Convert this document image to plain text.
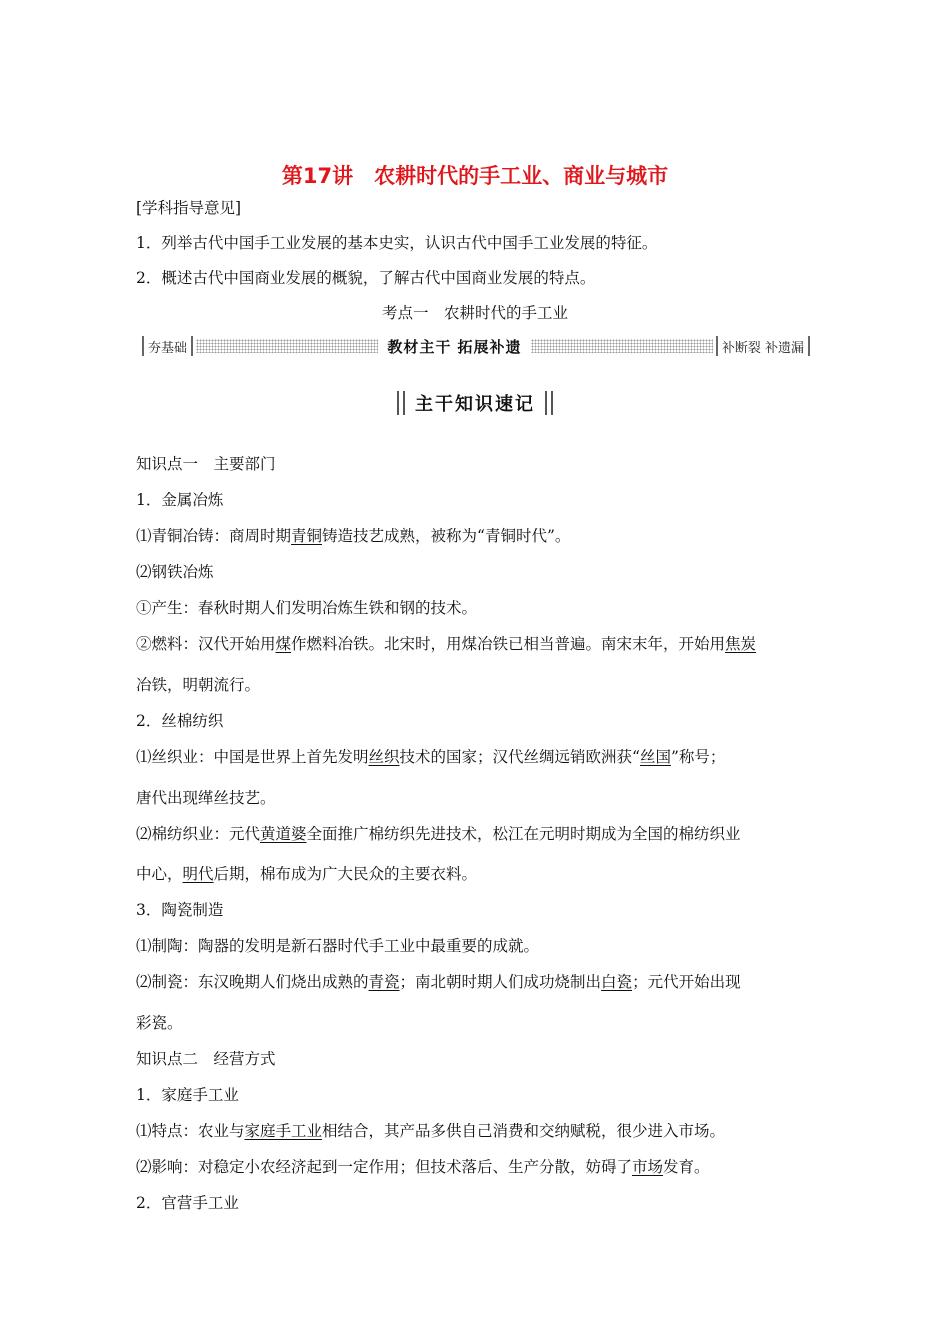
第17讲　农耕时代的手工业、商业与城市
[学科指导意见]
1．列举古代中国手工业发展的基本史实，认识古代中国手工业发展的特征。
2．概述古代中国商业发展的概貌，了解古代中国商业发展的特点。
考点一　农耕时代的手工业
夯基础	教材主干 拓展补遗	补断裂 补遗漏
主干知识速记
知识点一　主要部门
1．金属冶炼
⑴青铜冶铸：商周时期青铜铸造技艺成熟，被称为“青铜时代”。
⑵钢铁冶炼
①产生：春秋时期人们发明冶炼生铁和钢的技术。
②燃料：汉代开始用煤作燃料冶铁。北宋时，用煤冶铁已相当普遍。南宋末年，开始用焦炭
冶铁，明朝流行。
2．丝棉纺织
⑴丝织业：中国是世界上首先发明丝织技术的国家；汉代丝绸远销欧洲获“丝国”称号；
唐代出现缂丝技艺。
⑵棉纺织业：元代黄道婆全面推广棉纺织先进技术，松江在元明时期成为全国的棉纺织业
中心，明代后期，棉布成为广大民众的主要衣料。
3．陶瓷制造
⑴制陶：陶器的发明是新石器时代手工业中最重要的成就。
⑵制瓷：东汉晚期人们烧出成熟的青瓷；南北朝时期人们成功烧制出白瓷；元代开始出现
彩瓷。
知识点二　经营方式
1．家庭手工业
⑴特点：农业与家庭手工业相结合，其产品多供自己消费和交纳赋税，很少进入市场。
⑵影响：对稳定小农经济起到一定作用；但技术落后、生产分散，妨碍了市场发育。
2．官营手工业
